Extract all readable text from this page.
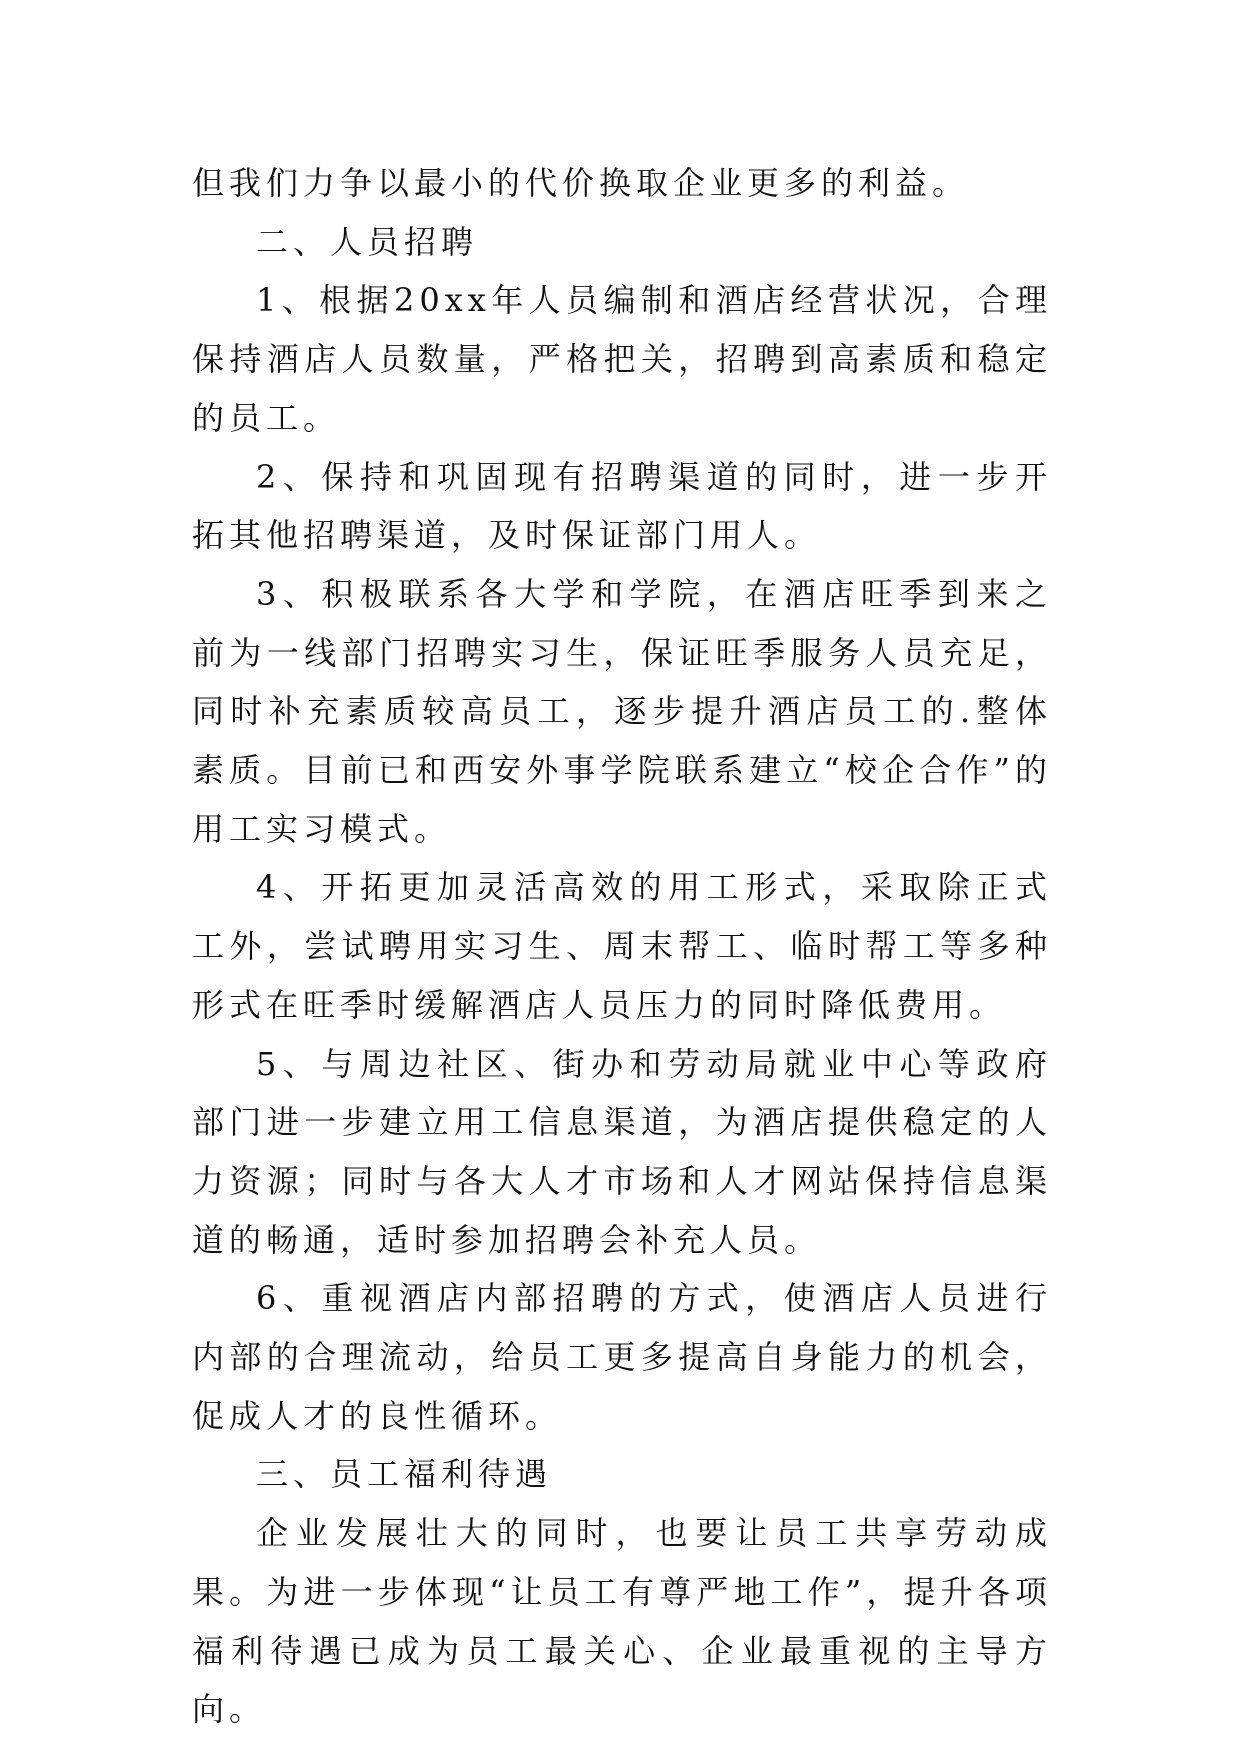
但我们力争以最小的代价换取企业更多的利益。

二、人员招聘

1、根据20xx年人员编制和酒店经营状况，合理保持酒店人员数量，严格把关，招聘到高素质和稳定的员工。

2、保持和巩固现有招聘渠道的同时，进一步开拓其他招聘渠道，及时保证部门用人。

3、积极联系各大学和学院，在酒店旺季到来之前为一线部门招聘实习生，保证旺季服务人员充足，同时补充素质较高员工，逐步提升酒店员工的.整体素质。目前已和西安外事学院联系建立“校企合作”的用工实习模式。

4、开拓更加灵活高效的用工形式，采取除正式工外，尝试聘用实习生、周末帮工、临时帮工等多种形式在旺季时缓解酒店人员压力的同时降低费用。

5、与周边社区、街办和劳动局就业中心等政府部门进一步建立用工信息渠道，为酒店提供稳定的人力资源；同时与各大人才市场和人才网站保持信息渠道的畅通，适时参加招聘会补充人员。

6、重视酒店内部招聘的方式，使酒店人员进行内部的合理流动，给员工更多提高自身能力的机会，促成人才的良性循环。

三、员工福利待遇

企业发展壮大的同时，也要让员工共享劳动成果。为进一步体现“让员工有尊严地工作”，提升各项福利待遇已成为员工最关心、企业最重视的主导方向。
